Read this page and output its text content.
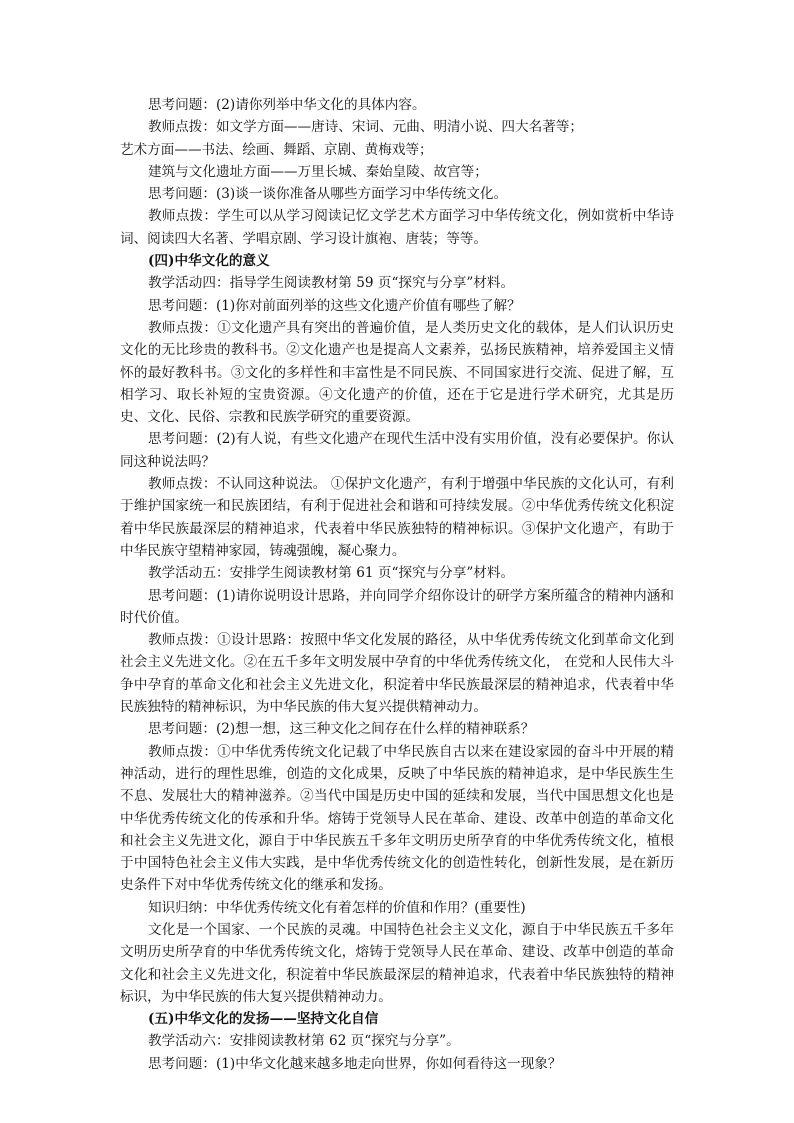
思考问题：(2)请你列举中华文化的具体内容。

教师点拨：如文学方面——唐诗、宋词、元曲、明清小说、四大名著等；

艺术方面——书法、绘画、舞蹈、京剧、黄梅戏等；

建筑与文化遗址方面——万里长城、秦始皇陵、故宫等；

思考问题：(3)谈一谈你准备从哪些方面学习中华传统文化。

教师点拨：学生可以从学习阅读记忆文学艺术方面学习中华传统文化，例如赏析中华诗词、阅读四大名著、学唱京剧、学习设计旗袍、唐装；等等。

(四)中华文化的意义

教学活动四：指导学生阅读教材第 59 页“探究与分享”材料。

思考问题：(1)你对前面列举的这些文化遗产价值有哪些了解？

教师点拨：①文化遗产具有突出的普遍价值，是人类历史文化的载体，是人们认识历史文化的无比珍贵的教科书。②文化遗产也是提高人文素养，弘扬民族精神，培养爱国主义情怀的最好教科书。③文化的多样性和丰富性是不同民族、不同国家进行交流、促进了解，互相学习、取长补短的宝贵资源。④文化遗产的价值，还在于它是进行学术研究，尤其是历史、文化、民俗、宗教和民族学研究的重要资源。

思考问题：(2)有人说，有些文化遗产在现代生活中没有实用价值，没有必要保护。你认同这种说法吗？

教师点拨：不认同这种说法。 ①保护文化遗产，有利于增强中华民族的文化认可，有利于维护国家统一和民族团结，有利于促进社会和谐和可持续发展。②中华优秀传统文化积淀着中华民族最深层的精神追求，代表着中华民族独特的精神标识。③保护文化遗产，有助于中华民族守望精神家园，铸魂强魄，凝心聚力。

教学活动五：安排学生阅读教材第 61 页“探究与分享”材料。

思考问题：(1)请你说明设计思路，并向同学介绍你设计的研学方案所蕴含的精神内涵和时代价值。

教师点拨：①设计思路：按照中华文化发展的路径，从中华优秀传统文化到革命文化到社会主义先进文化。②在五千多年文明发展中孕育的中华优秀传统文化， 在党和人民伟大斗争中孕育的革命文化和社会主义先进文化，积淀着中华民族最深层的精神追求，代表着中华民族独特的精神标识，为中华民族的伟大复兴提供精神动力。

思考问题：(2)想一想，这三种文化之间存在什么样的精神联系？

教师点拨：①中华优秀传统文化记载了中华民族自古以来在建设家园的奋斗中开展的精神活动，进行的理性思维，创造的文化成果，反映了中华民族的精神追求，是中华民族生生不息、发展壮大的精神滋养。②当代中国是历史中国的延续和发展，当代中国思想文化也是中华优秀传统文化的传承和升华。熔铸于党领导人民在革命、建设、改革中创造的革命文化和社会主义先进文化，源自于中华民族五千多年文明历史所孕育的中华优秀传统文化，植根于中国特色社会主义伟大实践，是中华优秀传统文化的创造性转化，创新性发展，是在新历史条件下对中华优秀传统文化的继承和发扬。

知识归纳：中华优秀传统文化有着怎样的价值和作用？(重要性)

文化是一个国家、一个民族的灵魂。中国特色社会主义文化，源自于中华民族五千多年文明历史所孕育的中华优秀传统文化，熔铸于党领导人民在革命、建设、改革中创造的革命文化和社会主义先进文化，积淀着中华民族最深层的精神追求，代表着中华民族独特的精神标识，为中华民族的伟大复兴提供精神动力。

(五)中华文化的发扬——坚持文化自信

教学活动六：安排阅读教材第 62 页“探究与分享”。

思考问题：(1)中华文化越来越多地走向世界，你如何看待这一现象？
